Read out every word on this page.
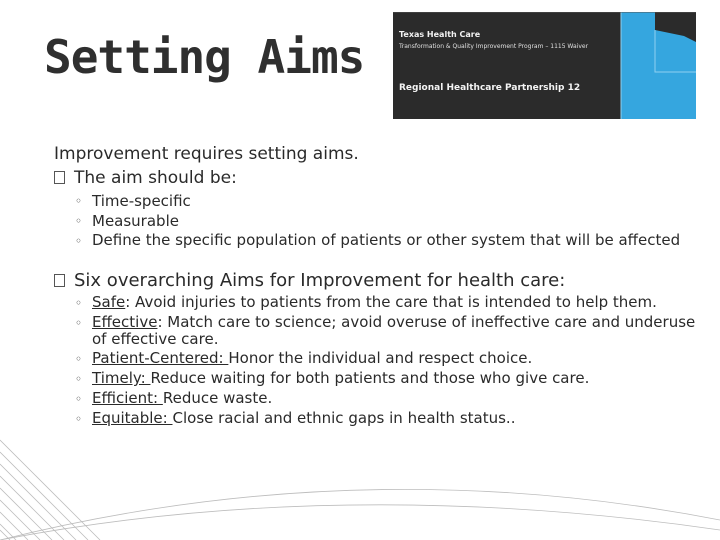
Setting Aims	Texas Health Care
Transformation & Quality Improvement Program – 1115 Waiver
Regional Healthcare Partnership 12
Improvement requires setting aims.
The aim should be:
◦
Time-specific
◦
Measurable
◦
Define the specific population of patients or other system that will be affected
Six overarching Aims for Improvement for health care:
◦
Safe: Avoid injuries to patients from the care that is intended to help them.
◦
Effective: Match care to science; avoid overuse of ineffective care and underuse of effective care.
◦
Patient-Centered: Honor the individual and respect choice.
◦
Timely: Reduce waiting for both patients and those who give care.
◦
Efficient: Reduce waste.
◦
Equitable: Close racial and ethnic gaps in health status..
